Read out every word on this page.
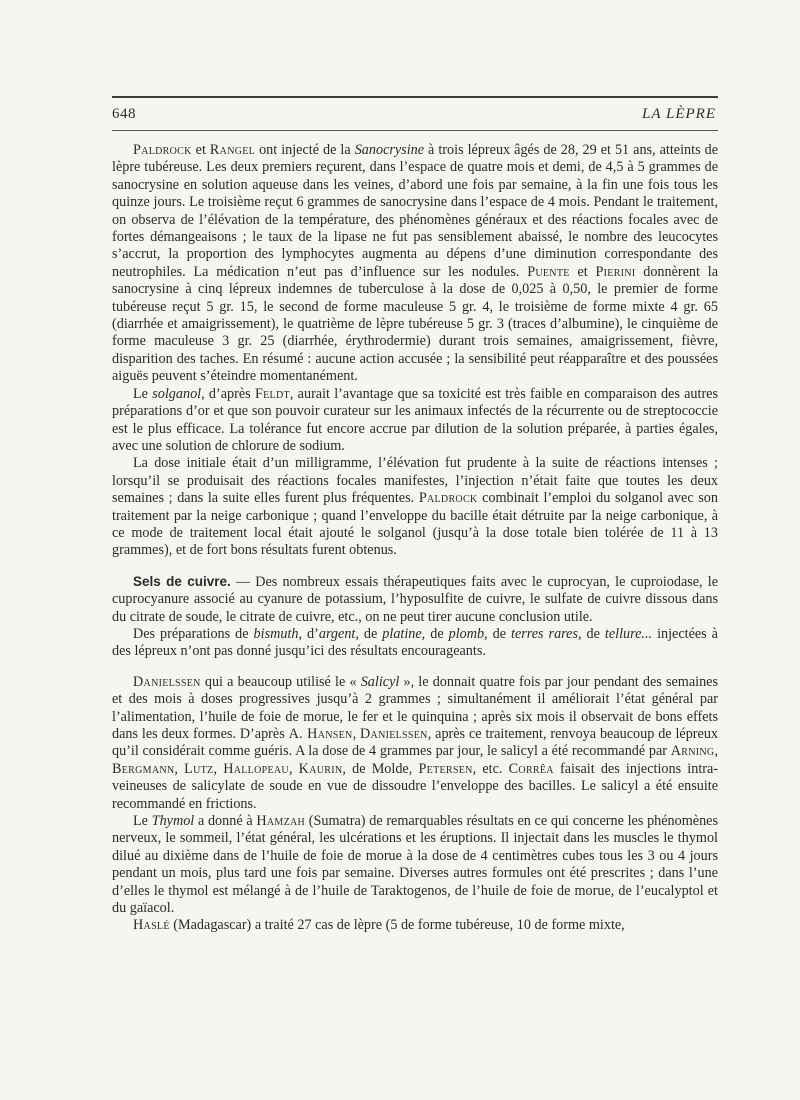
648	LA LÈPRE

Paldrock et Rangel ont injecté de la Sanocrysine à trois lépreux âgés de 28, 29 et 51 ans, atteints de lèpre tubéreuse. Les deux premiers reçurent, dans l’espace de quatre mois et demi, de 4,5 à 5 grammes de sanocrysine en solution aqueuse dans les veines, d’abord une fois par semaine, à la fin une fois tous les quinze jours. Le troisième reçut 6 grammes de sanocrysine dans l’espace de 4 mois. Pendant le traitement, on observa de l’élévation de la température, des phénomènes généraux et des réactions focales avec de fortes démangeaisons ; le taux de la lipase ne fut pas sensiblement abaissé, le nombre des leucocytes s’accrut, la proportion des lymphocytes augmenta au dépens d’une diminution correspondante des neutrophiles. La médication n’eut pas d’influence sur les nodules. Puente et Pierini donnèrent la sanocrysine à cinq lépreux indemnes de tuberculose à la dose de 0,025 à 0,50, le premier de forme tubéreuse reçut 5 gr. 15, le second de forme maculeuse 5 gr. 4, le troisième de forme mixte 4 gr. 65 (diarrhée et amaigrissement), le quatrième de lèpre tubéreuse 5 gr. 3 (traces d’albumine), le cinquième de forme maculeuse 3 gr. 25 (diarrhée, érythrodermie) durant trois semaines, amaigrissement, fièvre, disparition des taches. En résumé : aucune action accusée ; la sensibilité peut réapparaître et des poussées aiguës peuvent s’éteindre momentanément.

Le solganol, d’après Feldt, aurait l’avantage que sa toxicité est très faible en comparaison des autres préparations d’or et que son pouvoir curateur sur les animaux infectés de la récurrente ou de streptococcie est le plus efficace. La tolérance fut encore accrue par dilution de la solution préparée, à parties égales, avec une solution de chlorure de sodium.

La dose initiale était d’un milligramme, l’élévation fut prudente à la suite de réactions intenses ; lorsqu’il se produisait des réactions focales manifestes, l’injection n’était faite que toutes les deux semaines ; dans la suite elles furent plus fréquentes. Paldrock combinait l’emploi du solganol avec son traitement par la neige carbonique ; quand l’enveloppe du bacille était détruite par la neige carbonique, à ce mode de traitement local était ajouté le solganol (jusqu’à la dose totale bien tolérée de 11 à 13 grammes), et de fort bons résultats furent obtenus.

Sels de cuivre. — Des nombreux essais thérapeutiques faits avec le cuprocyan, le cuproiodase, le cuprocyanure associé au cyanure de potassium, l’hyposulfite de cuivre, le sulfate de cuivre dissous dans du citrate de soude, le citrate de cuivre, etc., on ne peut tirer aucune conclusion utile.

Des préparations de bismuth, d’argent, de platine, de plomb, de terres rares, de tellure... injectées à des lépreux n’ont pas donné jusqu’ici des résultats encourageants.

Danielssen qui a beaucoup utilisé le « Salicyl », le donnait quatre fois par jour pendant des semaines et des mois à doses progressives jusqu’à 2 grammes ; simultanément il améliorait l’état général par l’alimentation, l’huile de foie de morue, le fer et le quinquina ; après six mois il observait de bons effets dans les deux formes. D’après A. Hansen, Danielssen, après ce traitement, renvoya beaucoup de lépreux qu’il considérait comme guéris. A la dose de 4 grammes par jour, le salicyl a été recommandé par Arning, Bergmann, Lutz, Hallopeau, Kaurin, de Molde, Petersen, etc. Corrêa faisait des injections intra-veineuses de salicylate de soude en vue de dissoudre l’enveloppe des bacilles. Le salicyl a été ensuite recommandé en frictions.

Le Thymol a donné à Hamzah (Sumatra) de remarquables résultats en ce qui concerne les phénomènes nerveux, le sommeil, l’état général, les ulcérations et les éruptions. Il injectait dans les muscles le thymol dilué au dixième dans de l’huile de foie de morue à la dose de 4 centimètres cubes tous les 3 ou 4 jours pendant un mois, plus tard une fois par semaine. Diverses autres formules ont été prescrites ; dans l’une d’elles le thymol est mélangé à de l’huile de Taraktogenos, de l’huile de foie de morue, de l’eucalyptol et du gaïacol.

Haslé (Madagascar) a traité 27 cas de lèpre (5 de forme tubéreuse, 10 de forme mixte,
